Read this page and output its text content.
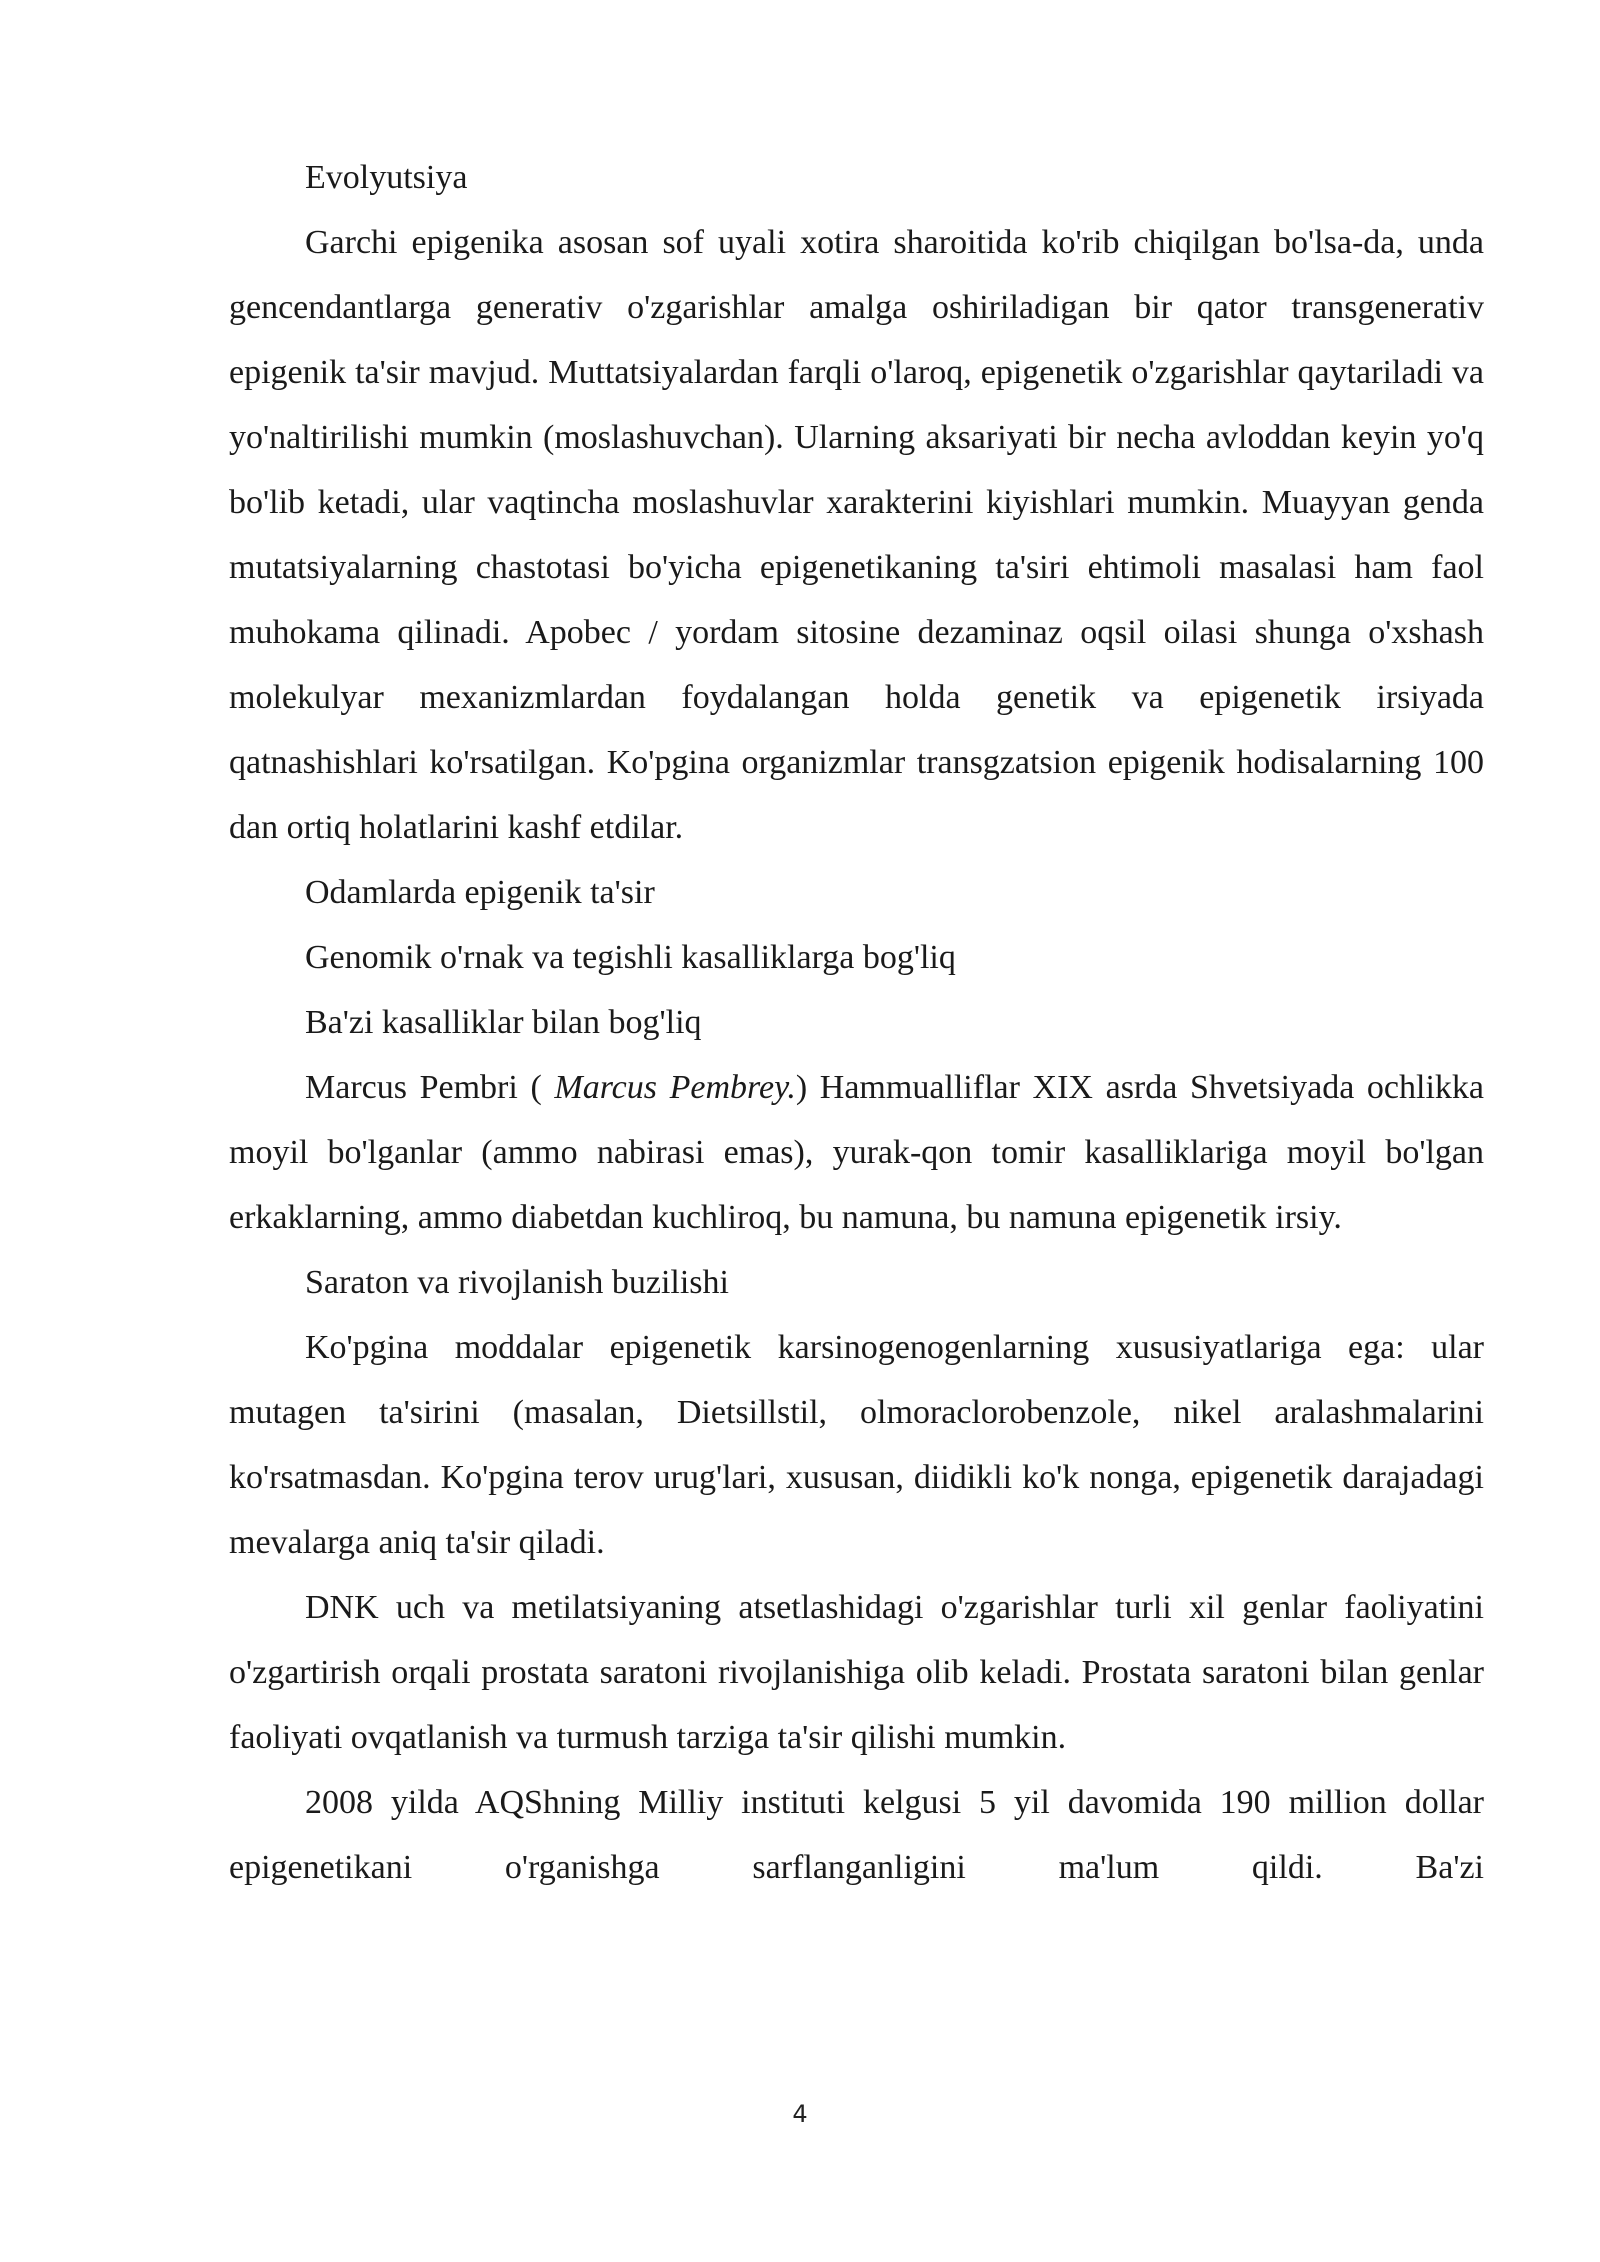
Evolyutsiya

Garchi epigenika asosan sof uyali xotira sharoitida ko'rib chiqilgan bo'lsa-da, unda gencendantlarga generativ o'zgarishlar amalga oshiriladigan bir qator transgenerativ epigenik ta'sir mavjud. Muttatsiyalardan farqli o'laroq, epigenetik o'zgarishlar qaytariladi va yo'naltirilishi mumkin (moslashuvchan). Ularning aksariyati bir necha avloddan keyin yo'q bo'lib ketadi, ular vaqtincha moslashuvlar xarakterini kiyishlari mumkin. Muayyan genda mutatsiyalarning chastotasi bo'yicha epigenetikaning ta'siri ehtimoli masalasi ham faol muhokama qilinadi. Apobec / yordam sitosine dezaminaz oqsil oilasi shunga o'xshash molekulyar mexanizmlardan foydalangan holda genetik va epigenetik irsiyada qatnashishlari ko'rsatilgan. Ko'pgina organizmlar transgzatsion epigenik hodisalarning 100 dan ortiq holatlarini kashf etdilar.

Odamlarda epigenik ta'sir

Genomik o'rnak va tegishli kasalliklarga bog'liq

Ba'zi kasalliklar bilan bog'liq

Marcus Pembri ( Marcus Pembrey.) Hammualliflar XIX asrda Shvetsiyada ochlikka moyil bo'lganlar (ammo nabirasi emas), yurak-qon tomir kasalliklariga moyil bo'lgan erkaklarning, ammo diabetdan kuchliroq, bu namuna, bu namuna epigenetik irsiy.

Saraton va rivojlanish buzilishi

Ko'pgina moddalar epigenetik karsinogenogenlarning xususiyatlariga ega: ular mutagen ta'sirini (masalan, Dietsillstil, olmoraclorobenzole, nikel aralashmalarini ko'rsatmasdan. Ko'pgina terov urug'lari, xususan, diidikli ko'k nonga, epigenetik darajadagi mevalarga aniq ta'sir qiladi.

DNK uch va metilatsiyaning atsetlashidagi o'zgarishlar turli xil genlar faoliyatini o'zgartirish orqali prostata saratoni rivojlanishiga olib keladi. Prostata saratoni bilan genlar faoliyati ovqatlanish va turmush tarziga ta'sir qilishi mumkin.

2008 yilda AQShning Milliy instituti kelgusi 5 yil davomida 190 million dollar epigenetikani o'rganishga sarflanganligini ma'lum qildi. Ba'zi

4
